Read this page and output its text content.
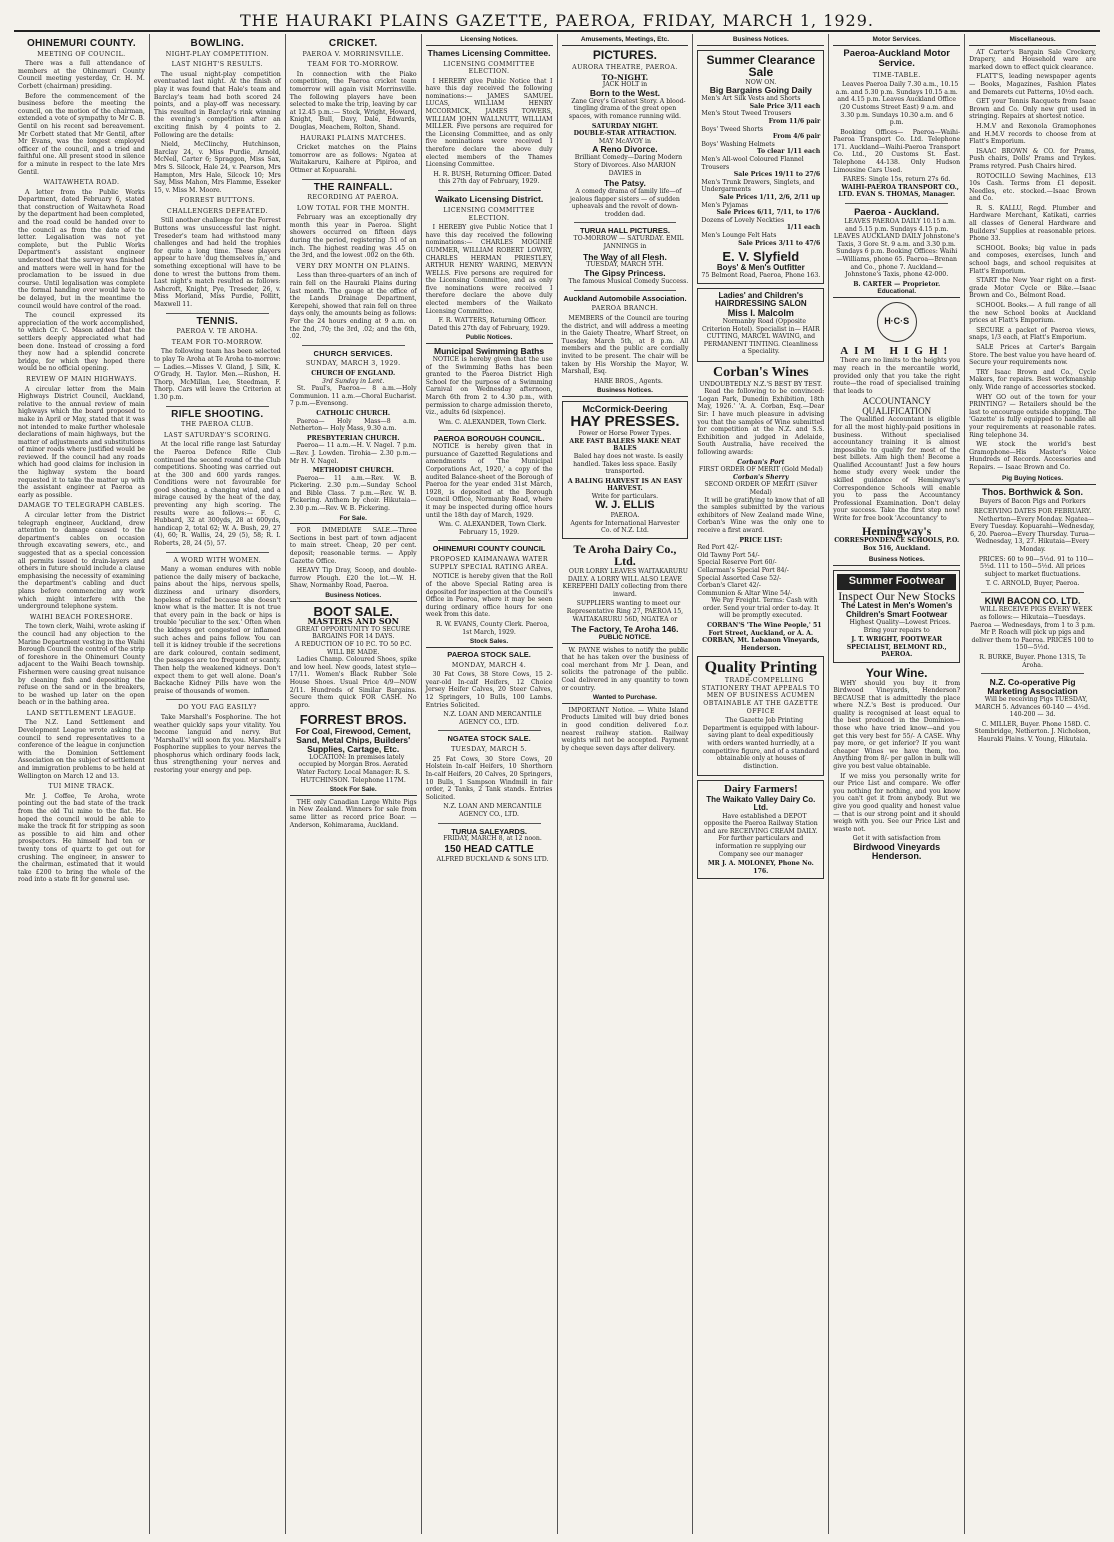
THE HAURAKI PLAINS GAZETTE, PAEROA, FRIDAY, MARCH 1, 1929.
OHINEMURI COUNTY.
MEETING OF COUNCIL.

There was a full attendance of members at the Ohinemuri County Council meeting yesterday, Cr. H. M. Corbett (chairman) presiding.

Before the commencement of the business before the meeting the council, on the motion of the chairman, extended a vote of sympathy to Mr C. B. Gentil on his recent sad bereavement. Mr Corbett stated that Mr Gentil, after Mr Evans, was the longest employed officer of the council, and a tried and faithful one. All present stood in silence for a minute in respect to the late Mrs Gentil.

WAITAWHETA ROAD.

A letter from the Public Works Department, dated February 6, stated that construction of Waitawheta Road by the department had been completed, and the road could be handed over to the council as from the date of the letter. Legalisation was not yet complete, but the Public Works Department's assistant engineer understood that the survey was finished and matters were well in hand for the proclamation to be issued in due course. Until legalisation was complete the formal handing over would have to be delayed, but in the meantime the council would have control of the road.

The council expressed its appreciation of the work accomplished, to which Cr. C. Mason added that the settlers deeply appreciated what had been done. Instead of crossing a ford they now had a splendid concrete bridge, for which they hoped there would be no official opening.

REVIEW OF MAIN HIGHWAYS.

A circular letter from the Main Highways District Council, Auckland, relative to the annual review of main highways which the board proposed to make in April or May, stated that it was not intended to make further wholesale declarations of main highways, but the matter of adjustments and substitutions of minor roads where justified would be reviewed. If the council had any roads which had good claims for inclusion in the highway system the board requested it to take the matter up with the assistant engineer at Paeroa as early as possible.

DAMAGE TO TELEGRAPH CABLES.

A circular letter from the District telegraph engineer, Auckland, drew attention to damage caused to the department's cables on occasion through excavating sewers, etc., and suggested that as a special concession all permits issued to drain-layers and others in future should include a clause emphasising the necessity of examining the department's cabling and duct plans before commencing any work which might interfere with the underground telephone system.

WAIHI BEACH FORESHORE.

The town clerk, Waihi, wrote asking if the council had any objection to the Marine Department vesting in the Waihi Borough Council the control of the strip of foreshore in the Ohinemuri County adjacent to the Waihi Beach township. Fishermen were causing great nuisance by cleaning fish and depositing the refuse on the sand or in the breakers, to be washed up later on the open beach or in the bathing area.

LAND SETTLEMENT LEAGUE.

The N.Z. Land Settlement and Development League wrote asking the council to send representatives to a conference of the league in conjunction with the Dominion Settlement Association on the subject of settlement and immigration problems to be held at Wellington on March 12 and 13.

TUI MINE TRACK.

Mr. J. Coffee, Te Aroha, wrote pointing out the bad state of the track from the old Tui mine to the flat. He hoped the council would be able to make the track fit for stripping as soon as possible to aid him and other prospectors. He himself had ten or twenty tons of quartz to get out for crushing. The engineer, in answer to the chairman, estimated that it would take £200 to bring the whole of the road into a state fit for general use.

BOWLING.
NIGHT-PLAY COMPETITION.
LAST NIGHT'S RESULTS.

The usual night-play competition eventuated last night. At the finish of play it was found that Hale's team and Barclay's team had both scored 24 points, and a play-off was necessary. This resulted in Barclay's rink winning the evening's competition after an exciting finish by 4 points to 2. Following are the details:

Nield, McClinchy, Hutchinson, Barclay 24, v. Miss Purdie, Arnold, McNeil, Carter 6; Spraggon, Miss Sax, Mrs S. Silcock, Hale 24, v. Pearson, Mrs Hampton, Mrs Hale, Silcock 10; Mrs Say, Miss Mahon, Mrs Flamme, Esseker 15, v. Miss M. Moore.

FORREST BUTTONS.
CHALLENGERS DEFEATED.

Still another challenge for the Forrest Buttons was unsuccessful last night. Treseder's team had withstood many challenges and had held the trophies for quite a long time. These players appear to have 'dug themselves in,' and something exceptional will have to be done to wrest the buttons from them. Last night's match resulted as follows: Ashcroft, Knight, Pye, Treseder, 26, v. Miss Morland, Miss Purdie, Pollitt, Maxwell 11.

TENNIS.
PAEROA V. TE AROHA.
TEAM FOR TO-MORROW.

The following team has been selected to play Te Aroha at Te Aroha to-morrow:— Ladies.—Misses V. Gland, J. Silk, K. O'Grady, H. Taylor. Men.—Rushon, H. Thorp, McMillan, Lee, Steedman, F. Thorp. Cars will leave the Criterion at 1.30 p.m.

RIFLE SHOOTING.
THE PAEROA CLUB.
LAST SATURDAY'S SCORING.

At the local rifle range last Saturday the Paeroa Defence Rifle Club continued the second round of the Club competitions. Shooting was carried out at the 300 and 600 yards ranges. Conditions were not favourable for good shooting, a changing wind, and a mirage caused by the heat of the day, preventing any high scoring. The results were as follows:— F. C. Hubbard, 32 at 300yds, 28 at 600yds, handicap 2, total 62; W. A. Bush, 29, 27 (4), 60; R. Wallis, 24, 29 (5), 58; R. I. Roberts, 28, 24 (5), 57.

A WORD WITH WOMEN.

Many a woman endures with noble patience the daily misery of backache, pains about the hips, nervous spells, dizziness and urinary disorders, hopeless of relief because she doesn't know what is the matter. It is not true that every pain in the back or hips is trouble 'peculiar to the sex.' Often when the kidneys get congested or inflamed such aches and pains follow. You can tell it is kidney trouble if the secretions are dark coloured, contain sediment, the passages are too frequent or scanty. Then help the weakened kidneys. Don't expect them to get well alone. Doan's Backache Kidney Pills have won the praise of thousands of women.

DO YOU FAG EASILY?

Take Marshall's Fosphorine. The hot weather quickly saps your vitality. You become languid and nervy. But 'Marshall's' will soon fix you. Marshall's Fosphorine supplies to your nerves the phosphorus which ordinary foods lack, thus strengthening your nerves and restoring your energy and pep.

CRICKET.
PAEROA V. MORRINSVILLE.
TEAM FOR TO-MORROW.

In connection with the Piako competition, the Paeroa cricket team tomorrow will again visit Morrinsville. The following players have been selected to make the trip, leaving by car at 12.45 p.m.:— Stock, Wright, Howard, Knight, Bull, Davy, Dale, Edwards, Douglas, Meachem, Rolton, Shand.

HAURAKI PLAINS MATCHES.

Cricket matches on the Plains tomorrow are as follows: Ngatea at Waitakaruru, Kaihere at Pipiroa, and Ottmer at Kopuarahi.

THE RAINFALL.
RECORDING AT PAEROA.
LOW TOTAL FOR THE MONTH.

February was an exceptionally dry month this year in Paeroa. Slight showers occurred on fifteen days during the period, registering .51 of an inch. The highest reading was .45 on the 3rd, and the lowest .002 on the 6th.

VERY DRY MONTH ON PLAINS.

Less than three-quarters of an inch of rain fell on the Hauraki Plains during last month. The gauge at the office of the Lands Drainage Department, Kerepehi, showed that rain fell on three days only, the amounts being as follows: For the 24 hours ending at 9 a.m. on the 2nd, .70; the 3rd, .02; and the 6th, .02.

CHURCH SERVICES.
SUNDAY, MARCH 3, 1929.
CHURCH OF ENGLAND.
3rd Sunday in Lent.

St. Paul's, Paeroa— 8 a.m.—Holy Communion. 11 a.m.—Choral Eucharist. 7 p.m.—Evensong.

CATHOLIC CHURCH.

Paeroa— Holy Mass—8 a.m. Netherton— Holy Mass, 9.30 a.m.

PRESBYTERIAN CHURCH.

Paeroa— 11 a.m.—H. V. Nagel. 7 p.m.—Rev. J. Lowden. Tirohia— 2.30 p.m.—Mr H. V. Nagel.

METHODIST CHURCH.

Paeroa— 11 a.m.—Rev. W. B. Pickering. 2.30 p.m.—Sunday School and Bible Class. 7 p.m.—Rev. W. B. Pickering. Anthem by choir. Hikutaia— 2.30 p.m.—Rev. W. B. Pickering.

For Sale.

FOR IMMEDIATE SALE.—Three Sections in best part of town adjacent to main street. Cheap, 20 per cent. deposit; reasonable terms. — Apply Gazette Office.

HEAVY Tip Dray, Scoop, and double-furrow Plough. £20 the lot.—W. H. Shaw, Normanby Road, Paeroa.

Business Notices.
BOOT SALE.
MASTERS AND SON
GREAT OPPORTUNITY TO SECURE BARGAINS FOR 14 DAYS.
A REDUCTION OF 10 P.C. TO 50 P.C. WILL BE MADE.

Ladies Champ. Coloured Shoes, spike and low heel. New goods, latest style—17/11. Women's Black Rubber Sole House Shoes. Usual Price 4/9—NOW 2/11. Hundreds of Similar Bargains. Secure them quick FOR CASH. No appro.

FORREST BROS.
For Coal, Firewood, Cement, Sand, Metal Chips, Builders' Supplies, Cartage, Etc.

LOCATION: In premises lately occupied by Morgan Bros. Aerated Water Factory. Local Manager: R. S. HUTCHINSON. Telephone 117M.

Stock For Sale.

THE only Canadian Large White Pigs in New Zealand. Winners for sale from same litter as record price Boar. — Anderson, Kohimarama, Auckland.

Licensing Notices.
Thames Licensing Committee.
LICENSING COMMITTEE ELECTION.

I HEREBY give Public Notice that I have this day received the following nominations:— JAMES SAMUEL LUCAS, WILLIAM HENRY MCCORMICK, JAMES TOWERS, WILLIAM JOHN WALLNUTT, WILLIAM MILLER. Five persons are required for the Licensing Committee, and as only five nominations were received I therefore declare the above duly elected members of the Thames Licensing Committee.

H. R. BUSH, Returning Officer. Dated this 27th day of February, 1929.

Waikato Licensing District.
LICENSING COMMITTEE ELECTION.

I HEREBY give Public Notice that I have this day received the following nominations:— CHARLES MOGINIE GUMMER, WILLIAM ROBERT LOWRY, CHARLES HERMAN PRIESTLEY, ARTHUR HENRY WARING, MERVYN WELLS. Five persons are required for the Licensing Committee, and as only five nominations were received I therefore declare the above duly elected members of the Waikato Licensing Committee.

F. R. WATTERS, Returning Officer. Dated this 27th day of February, 1929.

Public Notices.
Municipal Swimming Baths

NOTICE is hereby given that the use of the Swimming Baths has been granted to the Paeroa District High School for the purpose of a Swimming Carnival on Wednesday afternoon, March 6th from 2 to 4.30 p.m., with permission to charge admission thereto, viz., adults 6d (sixpence).

Wm. C. ALEXANDER, Town Clerk.

PAEROA BOROUGH COUNCIL.

NOTICE is hereby given that in pursuance of Gazetted Regulations and amendments of 'The Municipal Corporations Act, 1920,' a copy of the audited Balance-sheet of the Borough of Paeroa for the year ended 31st March, 1928, is deposited at the Borough Council Office, Normanby Road, where it may be inspected during office hours until the 18th day of March, 1929.

Wm. C. ALEXANDER, Town Clerk. February 15, 1929.

OHINEMURI COUNTY COUNCIL
PROPOSED KAIMANAWA WATER SUPPLY SPECIAL RATING AREA.

NOTICE is hereby given that the Roll of the above Special Rating area is deposited for inspection at the Council's Office in Paeroa, where it may be seen during ordinary office hours for one week from this date.

R. W. EVANS, County Clerk. Paeroa, 1st March, 1929.

Stock Sales.
PAEROA STOCK SALE.
MONDAY, MARCH 4.

30 Fat Cows, 38 Store Cows, 15 2-year-old In-calf Heifers, 12 Choice Jersey Heifer Calves, 20 Steer Calves, 12 Springers, 10 Bulls, 100 Lambs. Entries Solicited.

N.Z. LOAN AND MERCANTILE AGENCY CO., LTD.

NGATEA STOCK SALE.
TUESDAY, MARCH 5.

25 Fat Cows, 30 Store Cows, 20 Holstein In-calf Heifers, 10 Shorthorn In-calf Heifers, 20 Calves, 20 Springers, 10 Bulls, 1 Sampson Windmill in fair order, 2 Tanks, 2 Tank stands. Entries Solicited.

N.Z. LOAN AND MERCANTILE AGENCY CO., LTD.

TURUA SALEYARDS.

FRIDAY, MARCH 8, at 12 noon.

150 HEAD CATTLE

ALFRED BUCKLAND & SONS LTD.

Amusements, Meetings, Etc.
PICTURES.
AURORA THEATRE, PAEROA.
TO-NIGHT.
JACK HOLT in
Born to the West.

Zane Grey's Greatest Story. A blood-tingling drama of the great open spaces, with romance running wild.

SATURDAY NIGHT.
DOUBLE-STAR ATTRACTION.
MAY McAVOY in
A Reno Divorce.

Brilliant Comedy—Daring Modern Story of Divorces. Also MARION DAVIES in

The Patsy.

A comedy drama of family life—of jealous flapper sisters — of sudden upheavals and the revolt of down-trodden dad.

TURUA HALL PICTURES.

TO-MORROW — SATURDAY. EMIL JANNINGS in

The Way of all Flesh.
TUESDAY, MARCH 5TH.
The Gipsy Princess.

The famous Musical Comedy Success.

Auckland Automobile Association.
PAEROA BRANCH.

MEMBERS of the Council are touring the district, and will address a meeting in the Gaiety Theatre, Wharf Street, on Tuesday, March 5th, at 8 p.m. All members and the public are cordially invited to be present. The chair will be taken by His Worship the Mayor, W. Marshall, Esq.

HARE BROS., Agents.

Business Notices.
McCormick-Deering
HAY PRESSES.
Power or Horse Power Types.
ARE FAST BALERS MAKE NEAT BALES

Baled hay does not waste. Is easily handled. Takes less space. Easily transported.

A BALING HARVEST IS AN EASY HARVEST.
Write for particulars.
W. J. ELLIS
PAEROA.
Agents for International Harvester Co. of N.Z. Ltd.
Te Aroha Dairy Co., Ltd.

OUR LORRY LEAVES WAITAKARURU DAILY. A LORRY WILL ALSO LEAVE KEREPEHI DAILY collecting from there inward.

SUPPLIERS wanting to meet our Representative Ring 27, PAEROA 15, WAITAKARURU 56D, NGATEA or

The Factory, Te Aroha 146.
PUBLIC NOTICE.

W. PAYNE wishes to notify the public that he has taken over the business of coal merchant from Mr J. Dean, and solicits the patronage of the public. Coal delivered in any quantity to town or country.

Wanted to Purchase.

IMPORTANT Notice. — White Island Products Limited will buy dried bones in good condition delivered f.o.r. nearest railway station. Railway weights will not be accepted. Payment by cheque seven days after delivery.

Business Notices.
Summer Clearance Sale
NOW ON.
Big Bargains Going Daily
Men's Art Silk Vests and Shorts
Sale Price 3/11 each
Men's Stout Tweed Trousers
From 11/6 pair
Boys' Tweed Shorts
From 4/6 pair
Boys' Washing Helmets
To clear 1/11 each
Men's All-wool Coloured Flannel Trousers
Sale Prices 19/11 to 27/6
Men's Trunk Drawers, Singlets, and Undergarments
Sale Prices 1/11, 2/6, 2/11 up
Men's Pyjamas
Sale Prices 6/11, 7/11, to 17/6
Dozens of Lovely Neckties
1/11 each
Men's Lounge Felt Hats
Sale Prices 3/11 to 47/6
E. V. Slyfield
Boys' & Men's Outfitter
75 Belmont Road, Paeroa, Phone 163.
Ladies' and Children's HAIRDRESSING SALON
Miss I. Malcolm

Normanby Road (Opposite Criterion Hotel). Specialist in— HAIR CUTTING, MARCEL WAVING, and PERMANENT TINTING. Cleanliness a Speciality.

Corban's Wines
UNDOUBTEDLY N.Z.'S BEST BY TEST.

Read the following to be convinced: 'Logan Park, Dunedin Exhibition, 18th May, 1926.' 'A. A. Corban, Esq.—Dear Sir: I have much pleasure in advising you that the samples of Wine submitted for competition at the N.Z. and S.S. Exhibition and judged in Adelaide, South Australia, have received the following awards:

Corban's Port
FIRST ORDER OF MERIT (Gold Medal)
Corban's Sherry
SECOND ORDER OF MERIT (Silver Medal)

It will be gratifying to know that of all the samples submitted by the various exhibitors of New Zealand made Wine, Corban's Wine was the only one to receive a first award.

PRICE LIST:
Red Port 42/-
Old Tawny Port 54/-
Special Reserve Port 60/-
Cellarman's Special Port 84/-
Special Assorted Case 52/-
Corban's Claret 42/-
Communion & Altar Wine 54/-

We Pay Freight. Terms: Cash with order. Send your trial order to-day. It will be promptly executed.

CORBAN'S 'The Wine People,' 51 Fort Street, Auckland, or A. A. CORBAN, Mt. Lebanon Vineyards, Henderson.

Quality Printing

TRADE-COMPELLING STATIONERY THAT APPEALS TO MEN OF BUSINESS ACUMEN OBTAINABLE AT THE GAZETTE OFFICE

The Gazette Job Printing Department is equipped with labour-saving plant to deal expeditiously with orders wanted hurriedly, at a competitive figure, and of a standard obtainable only at houses of distinction.

Dairy Farmers!
The Waikato Valley Dairy Co. Ltd.

Have established a DEPOT opposite the Paeroa Railway Station and are RECEIVING CREAM DAILY. For further particulars and information re supplying our Company see our manager

MR J. A. MOLONEY, Phone No. 176.
Motor Services.
Paeroa-Auckland Motor Service.
TIME-TABLE.

Leaves Paeroa Daily 7.30 a.m., 10.15 a.m. and 5.30 p.m. Sundays 10.15 a.m. and 4.15 p.m. Leaves Auckland Office (20 Customs Street East) 9 a.m. and 3.30 p.m. Sundays 10.30 a.m. and 6 p.m.

Booking Offices— Paeroa—Waihi-Paeroa Transport Co. Ltd. Telephone 171. Auckland—Waihi-Paeroa Transport Co. Ltd., 20 Customs St. East. Telephone 44-138. Only Hudson Limousine Cars Used.

FARES: Single 15s, return 27s 6d.

WAIHI-PAEROA TRANSPORT CO., LTD. EVAN S. THOMAS, Manager.

Paeroa - Auckland.

LEAVES PAEROA DAILY 10.15 a.m. and 5.15 p.m. Sundays 4.15 p.m. LEAVES AUCKLAND DAILY Johnstone's Taxis, 3 Gore St. 9 a.m. and 3.30 p.m. Sundays 6 p.m. Booking Offices: Waihi—Williams, phone 65. Paeroa—Brenan and Co., phone 7. Auckland—Johnstone's Taxis, phone 42-000.

B. CARTER — Proprietor.
Educational.
H·C·S
AIM HIGH!

There are no limits to the heights you may reach in the mercantile world, provided only that you take the right route—the road of specialised training that leads to

ACCOUNTANCY QUALIFICATION

The Qualified Accountant is eligible for all the most highly-paid positions in business. Without specialised accountancy training it is almost impossible to qualify for most of the best billets. Aim high then! Become a Qualified Accountant! Just a few hours home study every week under the skilled guidance of Hemingway's Correspondence Schools will enable you to pass the Accountancy Professional Examination. Don't delay your success. Take the first step now! Write for free book 'Accountancy' to

Hemingway's
CORRESPONDENCE SCHOOLS, P.O. Box 516, Auckland.
Business Notices.
Summer Footwear
Inspect Our New Stocks
The Latest in Men's Women's Children's Smart Footwear

Highest Quality—Lowest Prices. Bring your repairs to

J. T. WRIGHT, FOOTWEAR SPECIALIST, BELMONT RD., PAEROA.
Your Wine.

WHY should you buy it from Birdwood Vineyards, Henderson? BECAUSE that is admittedly the place where N.Z.'s Best is produced. Our quality is recognised at least equal to the best produced in the Dominion—those who have tried know—and you get this very best for 55/- A CASE. Why pay more, or get inferior? If you want cheaper Wines we have them, too. Anything from 8/- per gallon in bulk will give you best value obtainable.

If we miss you personally write for our Price List and compare. We offer you nothing for nothing, and you know you can't get it from anybody. But we give you good quality and honest value — that is our strong point and it should weigh with you. See our Price List and waste not.

Get it with satisfaction from
Birdwood Vineyards Henderson.
Miscellaneous.

AT Carter's Bargain Sale Crockery, Drapery, and Household ware are marked down to effect quick clearance.

FLATT'S, leading newspaper agents — Books, Magazines, Fashion Plates and Demarets cut Patterns, 10½d each.

GET your Tennis Racquets from Isaac Brown and Co. Only new gut used in stringing. Repairs at shortest notice.

H.M.V and Rexonola Gramophones and H.M.V records to choose from at Flatt's Emporium.

ISAAC BROWN & CO. for Prams, Push chairs, Dolls' Prams and Trykes. Prams retyred. Push Chairs hired.

ROTOCILLO Sewing Machines, £13 10s Cash. Terms from £1 deposit. Needles, etc. stocked.—Isaac Brown and Co.

R. S. KALLU, Regd. Plumber and Hardware Merchant, Katikati, carries all classes of General Hardware and Builders' Supplies at reasonable prices. Phone 33.

SCHOOL Books; big value in pads and composes, exercises, lunch and school bags, and school requisites at Flatt's Emporium.

START the New Year right on a first-grade Motor Cycle or Bike.—Isaac Brown and Co., Belmont Road.

SCHOOL Books.— A full range of all the new School books at Auckland prices at Flatt's Emporium.

SECURE a packet of Paeroa views, snaps, 1/3 each, at Flatt's Emporium.

SALE Prices at Carter's Bargain Store. The best value you have heard of. Secure your requirements now.

TRY Isaac Brown and Co., Cycle Makers, for repairs. Best workmanship only. Wide range of accessories stocked.

WHY GO out of the town for your PRINTING? — Retailers should be the last to encourage outside shopping. The 'Gazette' is fully equipped to handle all your requirements at reasonable rates. Ring telephone 34.

WE stock the world's best Gramophone—His Master's Voice Hundreds of Records. Accessories and Repairs. — Isaac Brown and Co.

Pig Buying Notices.
Thos. Borthwick & Son.
Buyers of Bacon Pigs and Porkers
RECEIVING DATES FOR FEBRUARY.

Netherton—Every Monday. Ngatea—Every Tuesday. Kopuarahi—Wednesday, 6, 20. Paeroa—Every Thursday. Turua—Wednesday, 13, 27. Hikutaia—Every Monday.

PRICES: 60 to 90—5½d. 91 to 110—5½d. 111 to 150—5½d. All prices subject to market fluctuations.

T. C. ARNOLD, Buyer, Paeroa.
KIWI BACON CO. LTD.

WILL RECEIVE PIGS EVERY WEEK as follows:— Hikutaia—Tuesdays. Paeroa — Wednesdays, from 1 to 3 p.m. Mr P. Roach will pick up pigs and deliver them to Paeroa. PRICES 100 to 150—5½d.

R. BURKE, Buyer. Phone 131S, Te Aroha.
N.Z. Co-operative Pig Marketing Association

Will be receiving Pigs TUESDAY, MARCH 5. Advances 60-140 — 4½d. 140-200 — 3d.

C. MILLER, Buyer. Phone 158D. C. Stembridge, Netherton. J. Nicholson, Hauraki Plains. V. Young, Hikutaia.
